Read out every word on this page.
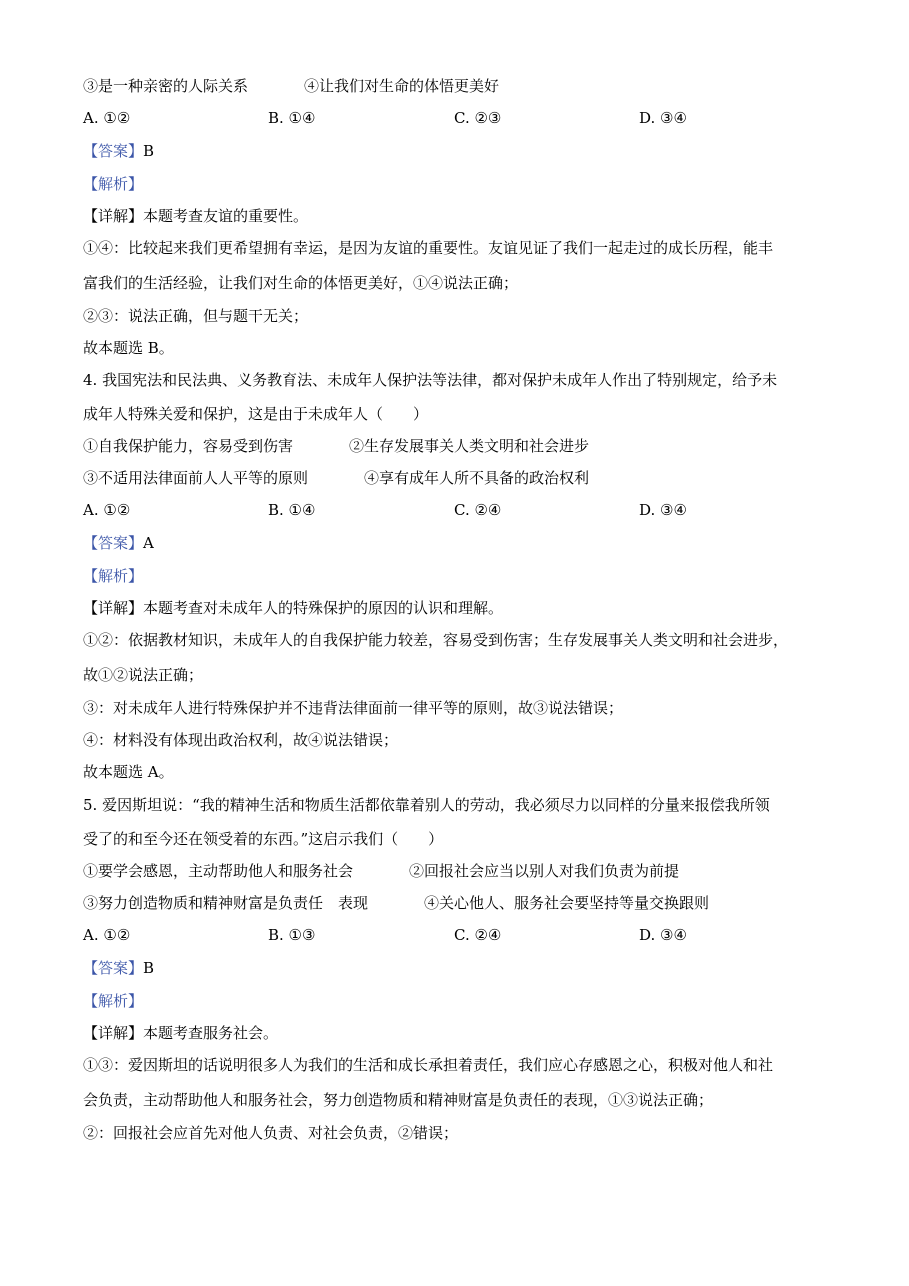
③是一种亲密的人际关系	④让我们对生命的体悟更美好
A. ①②	B. ①④	C. ②③	D. ③④
【答案】B
【解析】
【详解】本题考查友谊的重要性。
①④：比较起来我们更希望拥有幸运，是因为友谊的重要性。友谊见证了我们一起走过的成长历程，能丰
富我们的生活经验，让我们对生命的体悟更美好，①④说法正确；
②③：说法正确，但与题干无关；
故本题选 B。
4. 我国宪法和民法典、义务教育法、未成年人保护法等法律，都对保护未成年人作出了特别规定，给予未
成年人特殊关爱和保护，这是由于未成年人（　　）
①自我保护能力，容易受到伤害	②生存发展事关人类文明和社会进步
③不适用法律面前人人平等的原则	④享有成年人所不具备的政治权利
A. ①②	B. ①④	C. ②④	D. ③④
【答案】A
【解析】
【详解】本题考查对未成年人的特殊保护的原因的认识和理解。
①②：依据教材知识，未成年人的自我保护能力较差，容易受到伤害；生存发展事关人类文明和社会进步，
故①②说法正确；
③：对未成年人进行特殊保护并不违背法律面前一律平等的原则，故③说法错误；
④：材料没有体现出政治权利，故④说法错误；
故本题选 A。
5. 爱因斯坦说：“我的精神生活和物质生活都依靠着别人的劳动，我必须尽力以同样的分量来报偿我所领
受了的和至今还在领受着的东西。”这启示我们（　　）
①要学会感恩，主动帮助他人和服务社会	②回报社会应当以别人对我们负责为前提
③努力创造物质和精神财富是负责任　表现	④关心他人、服务社会要坚持等量交换跟则
A. ①②	B. ①③	C. ②④	D. ③④
【答案】B
【解析】
【详解】本题考查服务社会。
①③：爱因斯坦的话说明很多人为我们的生活和成长承担着责任，我们应心存感恩之心，积极对他人和社
会负责，主动帮助他人和服务社会，努力创造物质和精神财富是负责任的表现，①③说法正确；
②：回报社会应首先对他人负责、对社会负责，②错误；
